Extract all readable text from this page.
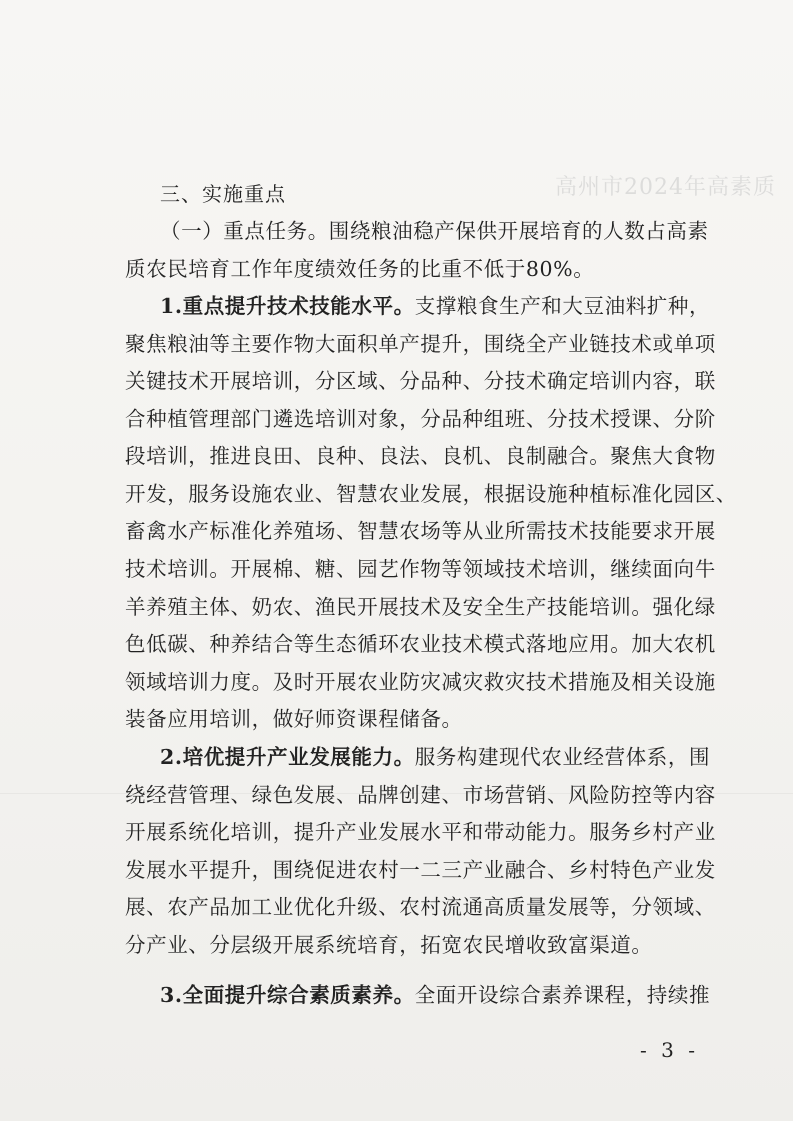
高州市2024年高素质
三、实施重点
（一）重点任务。围绕粮油稳产保供开展培育的人数占高素
质农民培育工作年度绩效任务的比重不低于80%。
1.重点提升技术技能水平。支撑粮食生产和大豆油料扩种，
聚焦粮油等主要作物大面积单产提升，围绕全产业链技术或单项
关键技术开展培训，分区域、分品种、分技术确定培训内容，联
合种植管理部门遴选培训对象，分品种组班、分技术授课、分阶
段培训，推进良田、良种、良法、良机、良制融合。聚焦大食物
开发，服务设施农业、智慧农业发展，根据设施种植标准化园区、
畜禽水产标准化养殖场、智慧农场等从业所需技术技能要求开展
技术培训。开展棉、糖、园艺作物等领域技术培训，继续面向牛
羊养殖主体、奶农、渔民开展技术及安全生产技能培训。强化绿
色低碳、种养结合等生态循环农业技术模式落地应用。加大农机
领域培训力度。及时开展农业防灾减灾救灾技术措施及相关设施
装备应用培训，做好师资课程储备。
2.培优提升产业发展能力。服务构建现代农业经营体系，围
绕经营管理、绿色发展、品牌创建、市场营销、风险防控等内容
开展系统化培训，提升产业发展水平和带动能力。服务乡村产业
发展水平提升，围绕促进农村一二三产业融合、乡村特色产业发
展、农产品加工业优化升级、农村流通高质量发展等，分领域、
分产业、分层级开展系统培育，拓宽农民增收致富渠道。
3.全面提升综合素质素养。全面开设综合素养课程，持续推
- 3 -
